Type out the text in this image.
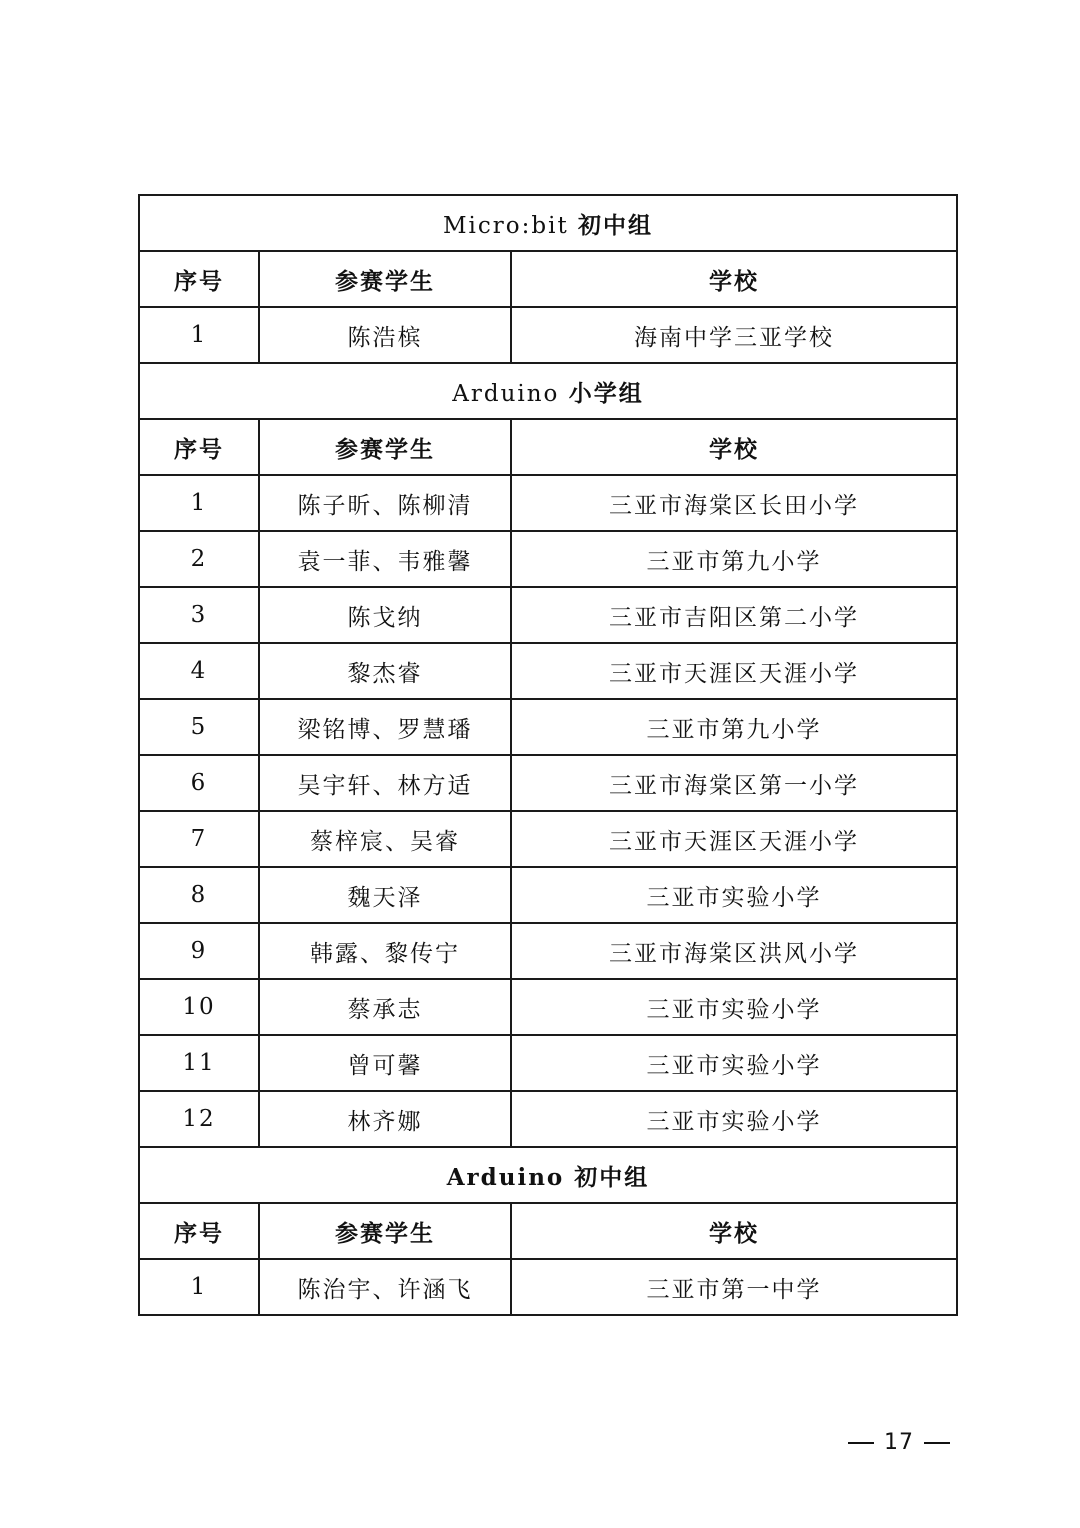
Micro:bit 初中组		
序号	参赛学生	学校
1	陈浩槟	海南中学三亚学校
Arduino 小学组		
序号	参赛学生	学校
1	陈子昕、陈柳清	三亚市海棠区长田小学
2	袁一菲、韦雅馨	三亚市第九小学
3	陈戈纳	三亚市吉阳区第二小学
4	黎杰睿	三亚市天涯区天涯小学
5	梁铭博、罗慧璠	三亚市第九小学
6	吴宇轩、林方适	三亚市海棠区第一小学
7	蔡梓宸、吴睿	三亚市天涯区天涯小学
8	魏天泽	三亚市实验小学
9	韩露、黎传宁	三亚市海棠区洪风小学
10	蔡承志	三亚市实验小学
11	曾可馨	三亚市实验小学
12	林齐娜	三亚市实验小学
Arduino 初中组		
序号	参赛学生	学校
1	陈治宇、许涵飞	三亚市第一中学
17
